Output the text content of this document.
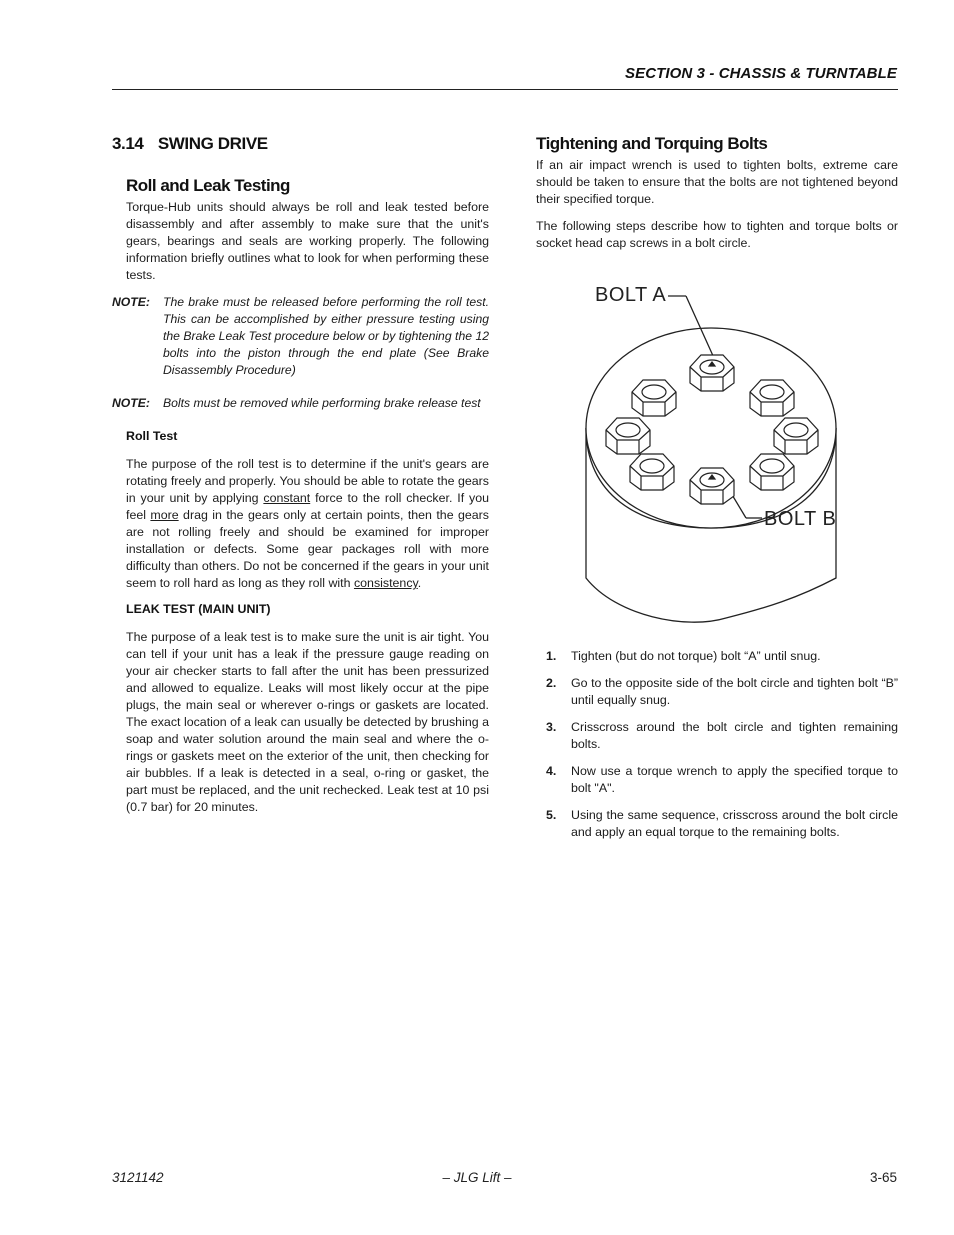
SECTION 3 - CHASSIS & TURNTABLE
3.14 SWING DRIVE
Roll and Leak Testing

Torque-Hub units should always be roll and leak tested before disassembly and after assembly to make sure that the unit's gears, bearings and seals are working properly. The following information briefly outlines what to look for when performing these tests.

NOTE:	The brake must be released before performing the roll test. This can be accomplished by either pressure testing using the Brake Leak Test procedure below or by tightening the 12 bolts into the piston through the end plate (See Brake Disassembly Procedure)
NOTE:	Bolts must be removed while performing brake release test
Roll Test

The purpose of the roll test is to determine if the unit's gears are rotating freely and properly. You should be able to rotate the gears in your unit by applying constant force to the roll checker. If you feel more drag in the gears only at certain points, then the gears are not rolling freely and should be examined for improper installation or defects. Some gear packages roll with more difficulty than others. Do not be concerned if the gears in your unit seem to roll hard as long as they roll with consistency.

LEAK TEST (MAIN UNIT)

The purpose of a leak test is to make sure the unit is air tight. You can tell if your unit has a leak if the pressure gauge reading on your air checker starts to fall after the unit has been pressurized and allowed to equalize. Leaks will most likely occur at the pipe plugs, the main seal or wherever o-rings or gaskets are located. The exact location of a leak can usually be detected by brushing a soap and water solution around the main seal and where the o-rings or gaskets meet on the exterior of the unit, then checking for air bubbles. If a leak is detected in a seal, o-ring or gasket, the part must be replaced, and the unit rechecked. Leak test at 10 psi (0.7 bar) for 20 minutes.

Tightening and Torquing Bolts

If an air impact wrench is used to tighten bolts, extreme care should be taken to ensure that the bolts are not tightened beyond their specified torque.

The following steps describe how to tighten and torque bolts or socket head cap screws in a bolt circle.

BOLT A
BOLT B
1.	Tighten (but do not torque) bolt “A” until snug.
2.	Go to the opposite side of the bolt circle and tighten bolt “B” until equally snug.
3.	Crisscross around the bolt circle and tighten remaining bolts.
4.	Now use a torque wrench to apply the specified torque to bolt "A".
5.	Using the same sequence, crisscross around the bolt circle and apply an equal torque to the remaining bolts.
3121142	– JLG Lift –	3-65
